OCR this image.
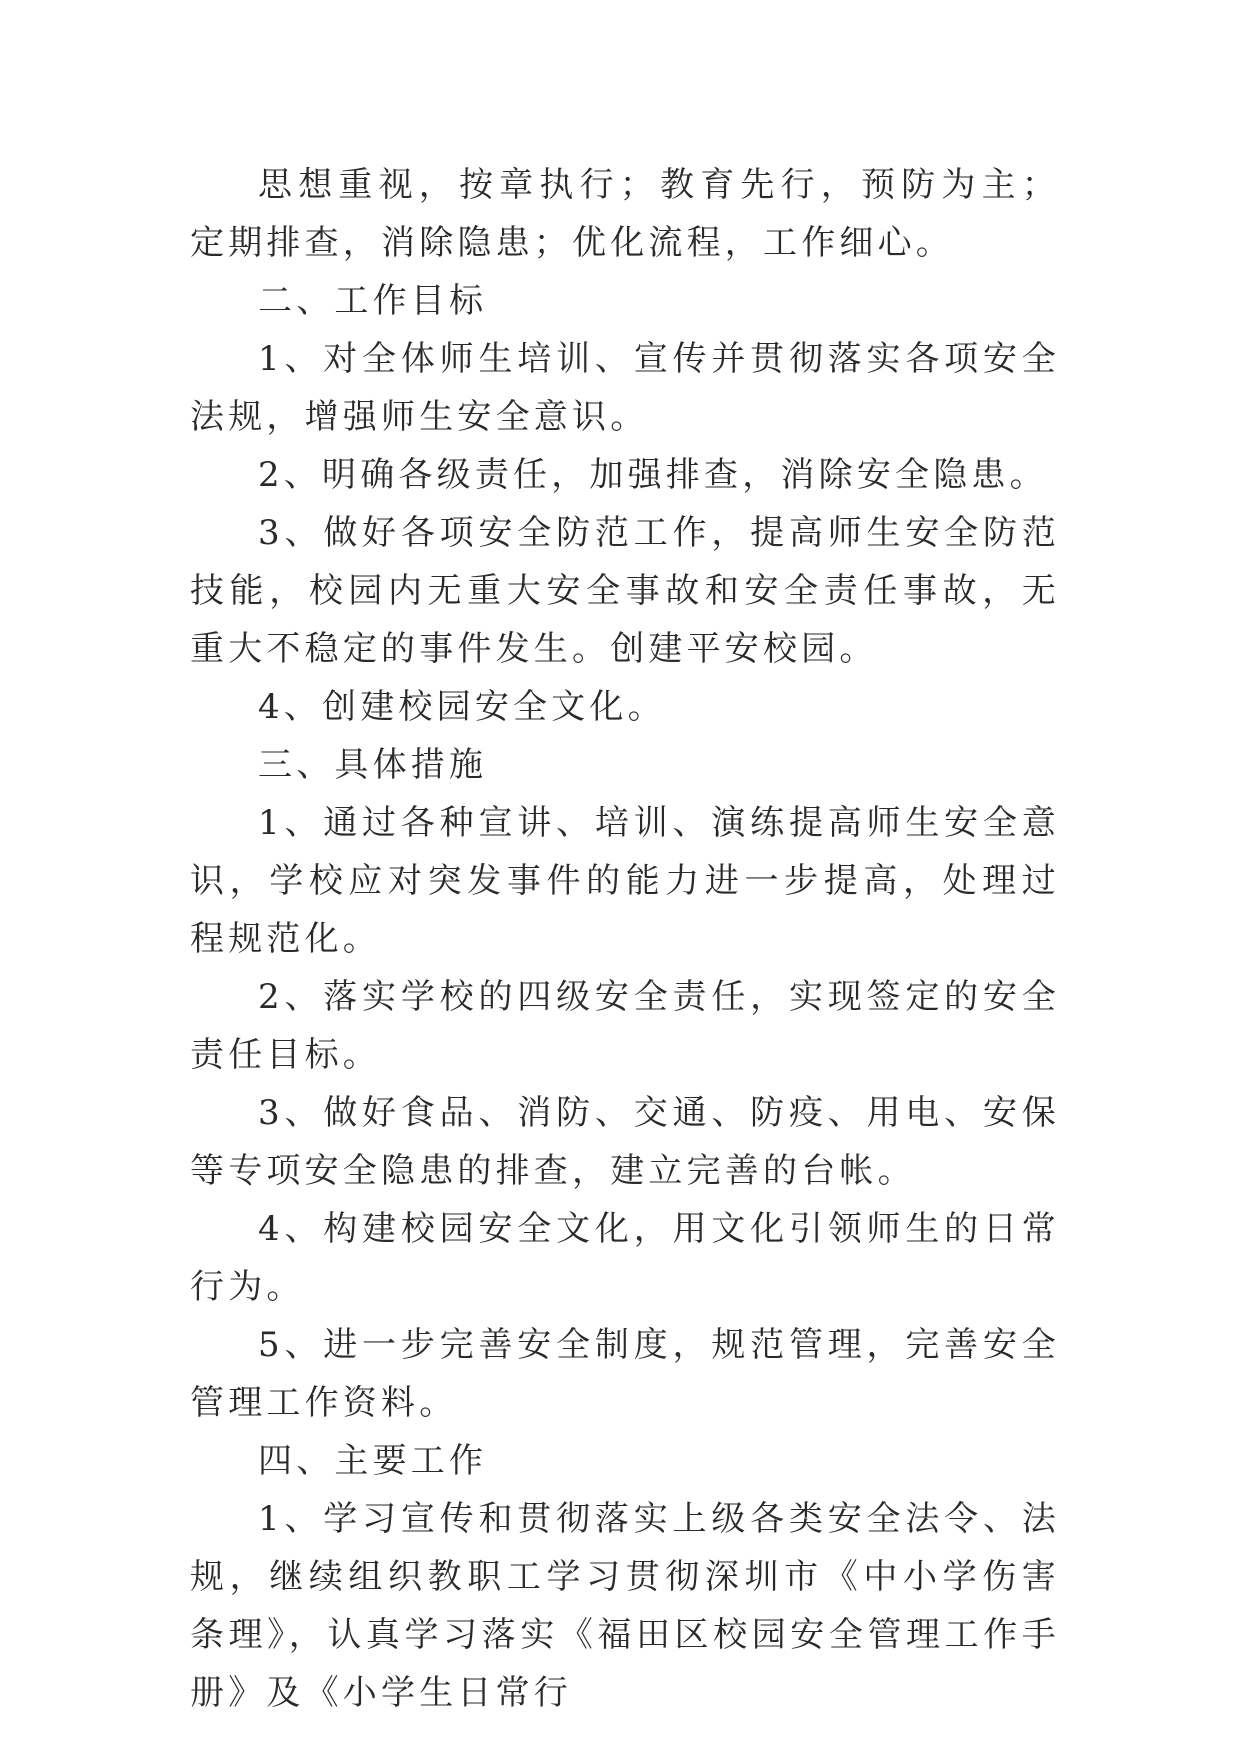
思想重视，按章执行；教育先行，预防为主；定期排查，消除隐患；优化流程，工作细心。

二、工作目标

1、对全体师生培训、宣传并贯彻落实各项安全法规，增强师生安全意识。

2、明确各级责任，加强排查，消除安全隐患。

3、做好各项安全防范工作，提高师生安全防范技能，校园内无重大安全事故和安全责任事故，无重大不稳定的事件发生。创建平安校园。

4、创建校园安全文化。

三、具体措施

1、通过各种宣讲、培训、演练提高师生安全意识，学校应对突发事件的能力进一步提高，处理过程规范化。

2、落实学校的四级安全责任，实现签定的安全责任目标。

3、做好食品、消防、交通、防疫、用电、安保等专项安全隐患的排查，建立完善的台帐。

4、构建校园安全文化，用文化引领师生的日常行为。

5、进一步完善安全制度，规范管理，完善安全管理工作资料。

四、主要工作

1、学习宣传和贯彻落实上级各类安全法令、法规，继续组织教职工学习贯彻深圳市《中小学伤害条理》，认真学习落实《福田区校园安全管理工作手册》及《小学生日常行
